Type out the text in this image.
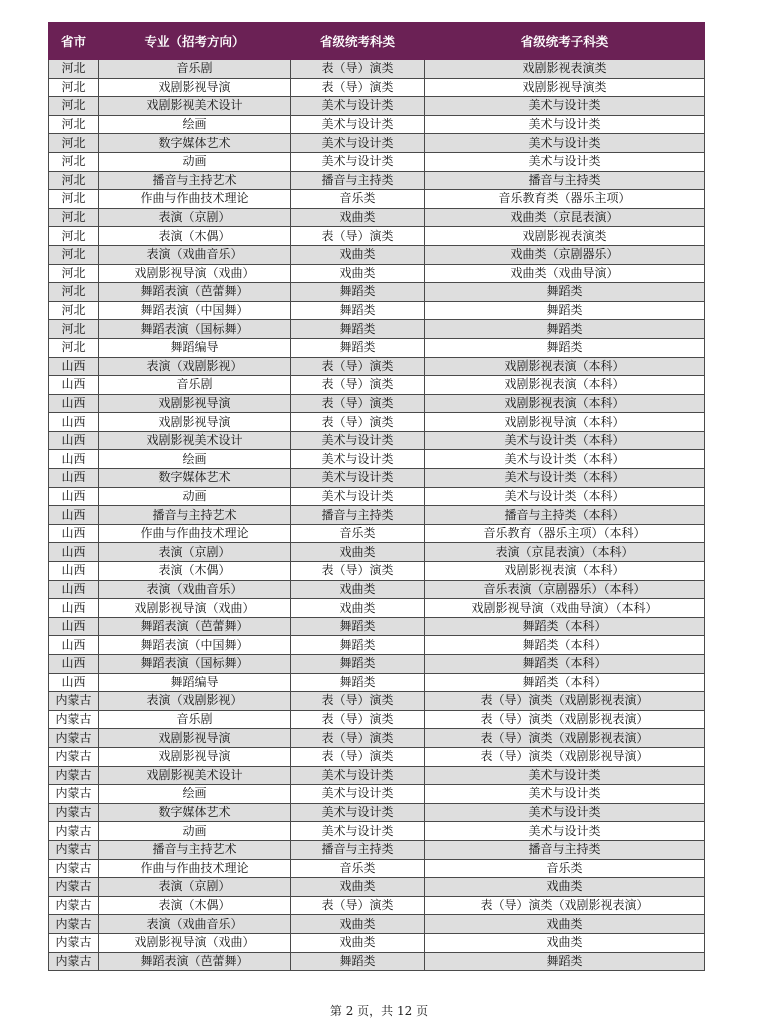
省市	专业（招考方向）	省级统考科类	省级统考子科类
河北	音乐剧	表（导）演类	戏剧影视表演类
河北	戏剧影视导演	表（导）演类	戏剧影视导演类
河北	戏剧影视美术设计	美术与设计类	美术与设计类
河北	绘画	美术与设计类	美术与设计类
河北	数字媒体艺术	美术与设计类	美术与设计类
河北	动画	美术与设计类	美术与设计类
河北	播音与主持艺术	播音与主持类	播音与主持类
河北	作曲与作曲技术理论	音乐类	音乐教育类（器乐主项）
河北	表演（京剧）	戏曲类	戏曲类（京昆表演）
河北	表演（木偶）	表（导）演类	戏剧影视表演类
河北	表演（戏曲音乐）	戏曲类	戏曲类（京剧器乐）
河北	戏剧影视导演（戏曲）	戏曲类	戏曲类（戏曲导演）
河北	舞蹈表演（芭蕾舞）	舞蹈类	舞蹈类
河北	舞蹈表演（中国舞）	舞蹈类	舞蹈类
河北	舞蹈表演（国标舞）	舞蹈类	舞蹈类
河北	舞蹈编导	舞蹈类	舞蹈类
山西	表演（戏剧影视）	表（导）演类	戏剧影视表演（本科）
山西	音乐剧	表（导）演类	戏剧影视表演（本科）
山西	戏剧影视导演	表（导）演类	戏剧影视表演（本科）
山西	戏剧影视导演	表（导）演类	戏剧影视导演（本科）
山西	戏剧影视美术设计	美术与设计类	美术与设计类（本科）
山西	绘画	美术与设计类	美术与设计类（本科）
山西	数字媒体艺术	美术与设计类	美术与设计类（本科）
山西	动画	美术与设计类	美术与设计类（本科）
山西	播音与主持艺术	播音与主持类	播音与主持类（本科）
山西	作曲与作曲技术理论	音乐类	音乐教育（器乐主项）（本科）
山西	表演（京剧）	戏曲类	表演（京昆表演）（本科）
山西	表演（木偶）	表（导）演类	戏剧影视表演（本科）
山西	表演（戏曲音乐）	戏曲类	音乐表演（京剧器乐）（本科）
山西	戏剧影视导演（戏曲）	戏曲类	戏剧影视导演（戏曲导演）（本科）
山西	舞蹈表演（芭蕾舞）	舞蹈类	舞蹈类（本科）
山西	舞蹈表演（中国舞）	舞蹈类	舞蹈类（本科）
山西	舞蹈表演（国标舞）	舞蹈类	舞蹈类（本科）
山西	舞蹈编导	舞蹈类	舞蹈类（本科）
内蒙古	表演（戏剧影视）	表（导）演类	表（导）演类（戏剧影视表演）
内蒙古	音乐剧	表（导）演类	表（导）演类（戏剧影视表演）
内蒙古	戏剧影视导演	表（导）演类	表（导）演类（戏剧影视表演）
内蒙古	戏剧影视导演	表（导）演类	表（导）演类（戏剧影视导演）
内蒙古	戏剧影视美术设计	美术与设计类	美术与设计类
内蒙古	绘画	美术与设计类	美术与设计类
内蒙古	数字媒体艺术	美术与设计类	美术与设计类
内蒙古	动画	美术与设计类	美术与设计类
内蒙古	播音与主持艺术	播音与主持类	播音与主持类
内蒙古	作曲与作曲技术理论	音乐类	音乐类
内蒙古	表演（京剧）	戏曲类	戏曲类
内蒙古	表演（木偶）	表（导）演类	表（导）演类（戏剧影视表演）
内蒙古	表演（戏曲音乐）	戏曲类	戏曲类
内蒙古	戏剧影视导演（戏曲）	戏曲类	戏曲类
内蒙古	舞蹈表演（芭蕾舞）	舞蹈类	舞蹈类
第 2 页，共 12 页
